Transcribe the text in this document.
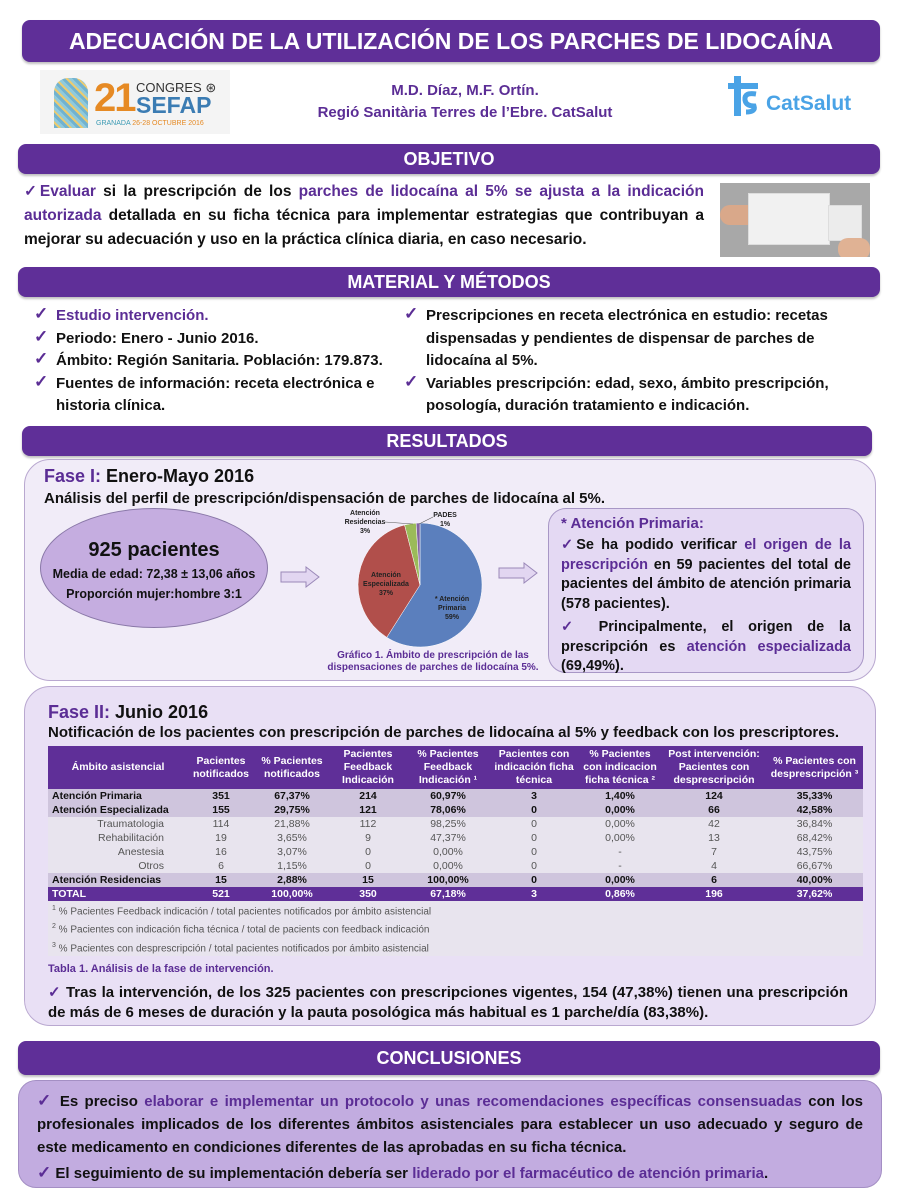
ADECUACIÓN DE LA UTILIZACIÓN DE LOS PARCHES DE LIDOCAÍNA
21 CONGRES ⊛
SEFAP
GRANADA 26-28 OCTUBRE 2016
M.D. Díaz, M.F. Ortín.
Regió Sanitària Terres de l’Ebre. CatSalut	CatSalut
OBJETIVO
✓Evaluar si la prescripción de los parches de lidocaína al 5% se ajusta a la indicación autorizada detallada en su ficha técnica para implementar estrategias que contribuyan a mejorar su adecuación y uso en la práctica clínica diaria, en caso necesario.
MATERIAL Y MÉTODOS
✓ Estudio intervención.
✓ Periodo: Enero - Junio 2016.
✓ Ámbito: Región Sanitaria. Población: 179.873.
✓ Fuentes de información: receta electrónica e historia clínica.
✓ Prescripciones en receta electrónica en estudio: recetas dispensadas y pendientes de dispensar de parches de lidocaína al 5%.
✓ Variables prescripción: edad, sexo, ámbito prescripción, posología, duración tratamiento e indicación.
RESULTADOS
Fase I: Enero-Mayo 2016
Análisis del perfil de prescripción/dispensación de parches de lidocaína al 5%.
925 pacientes
Media de edad: 72,38 ± 13,06 años
Proporción mujer:hombre 3:1	* Atención Primaria 59%
Atención Especializada 37%
Atención Residencias 3%
PADES 1%
Gráfico 1. Ámbito de prescripción de las
dispensaciones de parches de lidocaína 5%.
* Atención Primaria:

✓Se ha podido verificar el origen de la prescripción en 59 pacientes del total de pacientes del ámbito de atención primaria (578 pacientes).

✓ Principalmente, el origen de la prescripción es atención especializada (69,49%).

Fase II: Junio 2016
Notificación de los pacientes con prescripción de parches de lidocaína al 5% y feedback con los prescriptores.
Ámbito asistencial	Pacientes notificados	% Pacientes notificados	Pacientes Feedback Indicación	% Pacientes Feedback Indicación ¹	Pacientes con indicación ficha técnica	% Pacientes con indicacion ficha técnica ²	Post intervención: Pacientes con desprescripción	% Pacientes con desprescripción ³
Atención Primaria	351	67,37%	214	60,97%	3	1,40%	124	35,33%
Atención Especializada	155	29,75%	121	78,06%	0	0,00%	66	42,58%
Traumatologia	114	21,88%	112	98,25%	0	0,00%	42	36,84%
Rehabilitación	19	3,65%	9	47,37%	0	0,00%	13	68,42%
Anestesia	16	3,07%	0	0,00%	0	-	7	43,75%
Otros	6	1,15%	0	0,00%	0	-	4	66,67%
Atención Residencias	15	2,88%	15	100,00%	0	0,00%	6	40,00%
TOTAL	521	100,00%	350	67,18%	3	0,86%	196	37,62%
$^1$ % Pacientes Feedback indicación / total pacientes notificados por ámbito asistencial								
$^2$ % Pacientes con indicación ficha técnica / total de pacients con feedback indicación								
$^3$ % Pacientes con desprescripción / total pacientes notificados por ámbito asistencial								
Tabla 1. Análisis de la fase de intervención.
✓ Tras la intervención, de los 325 pacientes con prescripciones vigentes, 154 (47,38%) tienen una prescripción de más de 6 meses de duración y la pauta posológica más habitual es 1 parche/día (83,38%).
CONCLUSIONES

✓ Es preciso elaborar e implementar un protocolo y unas recomendaciones específicas consensuadas con los profesionales implicados de los diferentes ámbitos asistenciales para establecer un uso adecuado y seguro de este medicamento en condiciones diferentes de las aprobadas en su ficha técnica.

✓ El seguimiento de su implementación debería ser liderado por el farmacéutico de atención primaria.
